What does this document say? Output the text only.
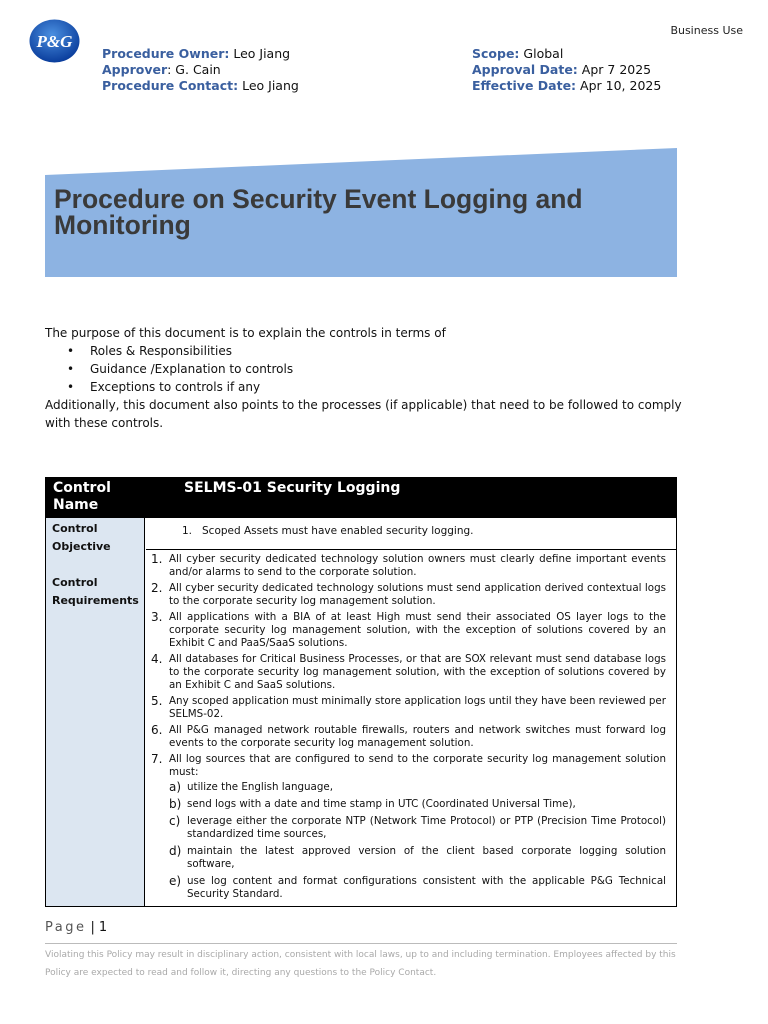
Business Use
P&G
Procedure Owner: Leo Jiang
Approver: G. Cain
Procedure Contact: Leo Jiang
Scope: Global
Approval Date: Apr 7 2025
Effective Date: Apr 10, 2025
Procedure on Security Event Logging and Monitoring
The purpose of this document is to explain the controls in terms of
• Roles & Responsibilities
• Guidance /Explanation to controls
• Exceptions to controls if any
Additionally, this document also points to the processes (if applicable) that need to be followed to comply with these controls.
Control Name
SELMS-01 Security Logging
Control Objective
Control Requirements
1. Scoped Assets must have enabled security logging.
1. All cyber security dedicated technology solution owners must clearly define important events and/or alarms to send to the corporate solution.
2. All cyber security dedicated technology solutions must send application derived contextual logs to the corporate security log management solution.
3. All applications with a BIA of at least High must send their associated OS layer logs to the corporate security log management solution, with the exception of solutions covered by an Exhibit C and PaaS/SaaS solutions.
4. All databases for Critical Business Processes, or that are SOX relevant must send database logs to the corporate security log management solution, with the exception of solutions covered by an Exhibit C and SaaS solutions.
5. Any scoped application must minimally store application logs until they have been reviewed per SELMS-02.
6. All P&G managed network routable firewalls, routers and network switches must forward log events to the corporate security log management solution.
7. All log sources that are configured to send to the corporate security log management solution must:
a) utilize the English language,
b) send logs with a date and time stamp in UTC (Coordinated Universal Time),
c) leverage either the corporate NTP (Network Time Protocol) or PTP (Precision Time Protocol) standardized time sources,
d) maintain the latest approved version of the client based corporate logging solution software,
e) use log content and format configurations consistent with the applicable P&G Technical Security Standard.
Page | 1
Violating this Policy may result in disciplinary action, consistent with local laws, up to and including termination. Employees affected by this Policy are expected to read and follow it, directing any questions to the Policy Contact.
